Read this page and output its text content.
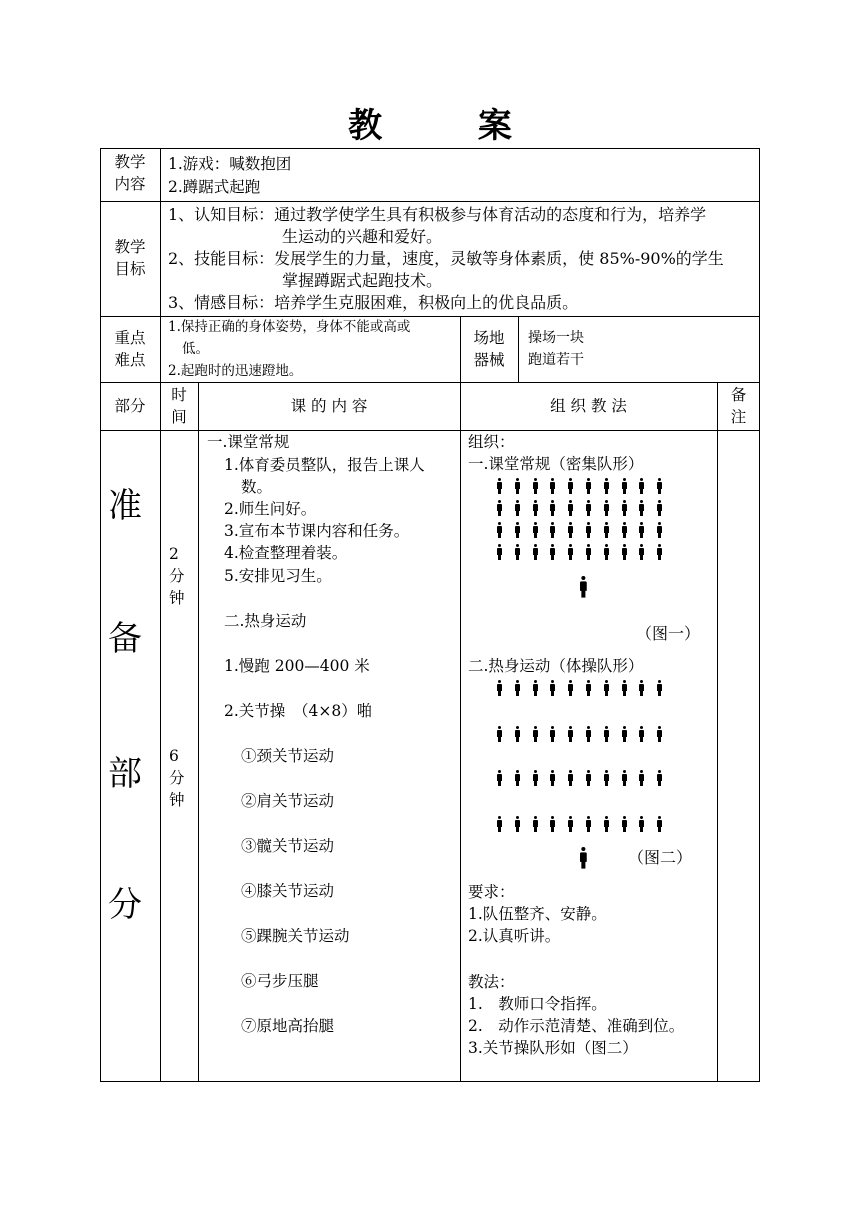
教 案
教学
内容
1.游戏：喊数抱团
2.蹲踞式起跑
教学
目标
1、认知目标：通过教学使学生具有积极参与体育活动的态度和行为，培养学
生运动的兴趣和爱好。
2、技能目标：发展学生的力量，速度，灵敏等身体素质，使 85%-90%的学生
掌握蹲踞式起跑技术。
3、情感目标：培养学生克服困难，积极向上的优良品质。
重点
难点
1.保持正确的身体姿势，身体不能或高或
低。
2.起跑时的迅速蹬地。
场地
器械
操场一块
跑道若干
部分
时
间
课 的 内 容	组 织 教 法
备
注
准
备
部
分
2
分
钟
6
分
钟
一.课堂常规
1.体育委员整队，报告上课人
数。
2.师生问好。
3.宣布本节课内容和任务。
4.检查整理着装。
5.安排见习生。
二.热身运动
1.慢跑 200—400 米
2.关节操　（4×8）啪
①颈关节运动
②肩关节运动
③髋关节运动
④膝关节运动
⑤踝腕关节运动
⑥弓步压腿
⑦原地高抬腿
组织：
一.课堂常规（密集队形）
（图一）
二.热身运动（体操队形）
（图二）
要求：
1.队伍整齐、安静。
2.认真听讲。
教法：
1.　教师口令指挥。
2.　动作示范清楚、准确到位。
3.关节操队形如（图二）
